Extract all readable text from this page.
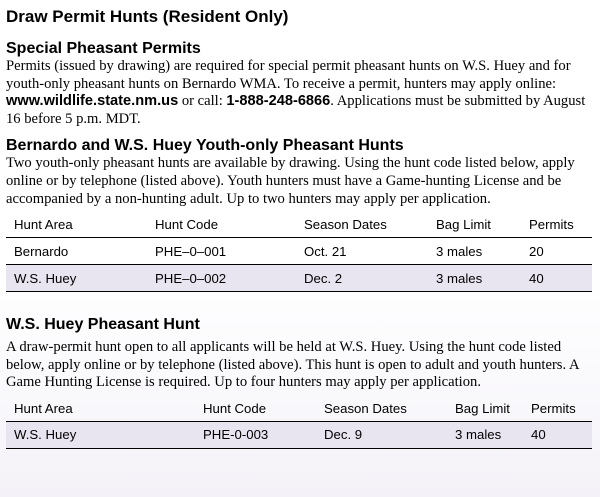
Draw Permit Hunts (Resident Only)
Special Pheasant Permits

Permits (issued by drawing) are required for special permit pheasant hunts on W.S. Huey and for youth-only pheasant hunts on Bernardo WMA. To receive a permit, hunters may apply online: www.wildlife.state.nm.us or call: 1-888-248-6866. Applications must be submitted by August 16 before 5 p.m. MDT.

Bernardo and W.S. Huey Youth-only Pheasant Hunts

Two youth-only pheasant hunts are available by drawing. Using the hunt code listed below, apply online or by telephone (listed above). Youth hunters must have a Game-hunting License and be accompanied by a non-hunting adult. Up to two hunters may apply per application.

Hunt Area	Hunt Code	Season Dates	Bag Limit	Permits
Bernardo	PHE–0–001	Oct. 21	3 males	20
W.S. Huey	PHE–0–002	Dec. 2	3 males	40
W.S. Huey Pheasant Hunt

A draw-permit hunt open to all applicants will be held at W.S. Huey. Using the hunt code listed below, apply online or by telephone (listed above). This hunt is open to adult and youth hunters. A Game Hunting License is required. Up to four hunters may apply per application.

Hunt Area	Hunt Code	Season Dates	Bag Limit	Permits
W.S. Huey	PHE-0-003	Dec. 9	3 males	40
